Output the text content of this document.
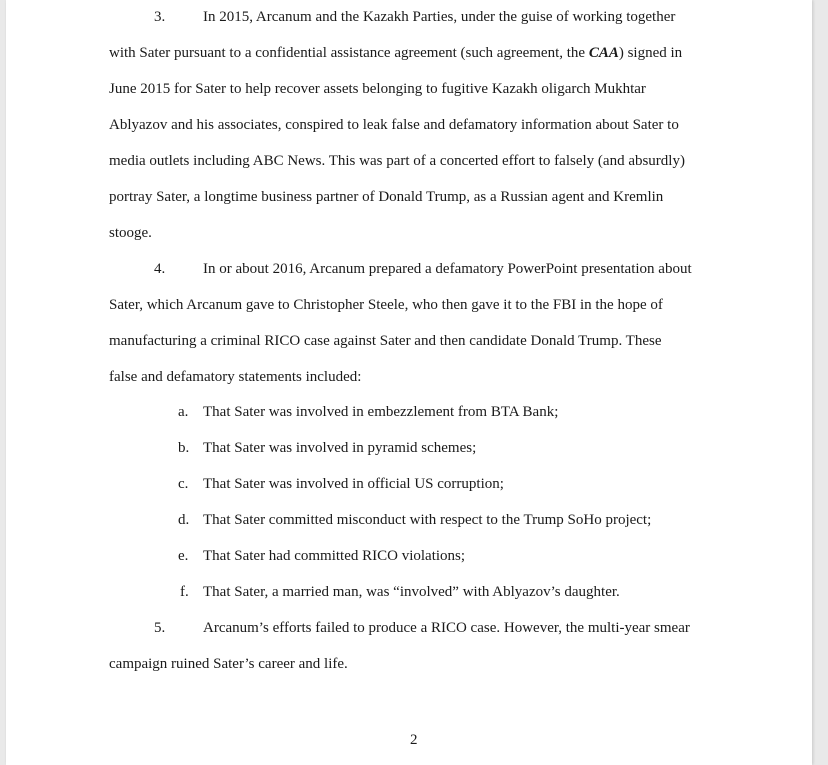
3.	In 2015, Arcanum and the Kazakh Parties, under the guise of working together
with Sater pursuant to a confidential assistance agreement (such agreement, the CAA) signed in
June 2015 for Sater to help recover assets belonging to fugitive Kazakh oligarch Mukhtar
Ablyazov and his associates, conspired to leak false and defamatory information about Sater to
media outlets including ABC News. This was part of a concerted effort to falsely (and absurdly)
portray Sater, a longtime business partner of Donald Trump, as a Russian agent and Kremlin
stooge.
4.	In or about 2016, Arcanum prepared a defamatory PowerPoint presentation about
Sater, which Arcanum gave to Christopher Steele, who then gave it to the FBI in the hope of
manufacturing a criminal RICO case against Sater and then candidate Donald Trump. These
false and defamatory statements included:
a. That Sater was involved in embezzlement from BTA Bank;
b. That Sater was involved in pyramid schemes;
c. That Sater was involved in official US corruption;
d. That Sater committed misconduct with respect to the Trump SoHo project;
e. That Sater had committed RICO violations;
f. That Sater, a married man, was “involved” with Ablyazov’s daughter.
5.	Arcanum’s efforts failed to produce a RICO case. However, the multi-year smear
campaign ruined Sater’s career and life.
2
